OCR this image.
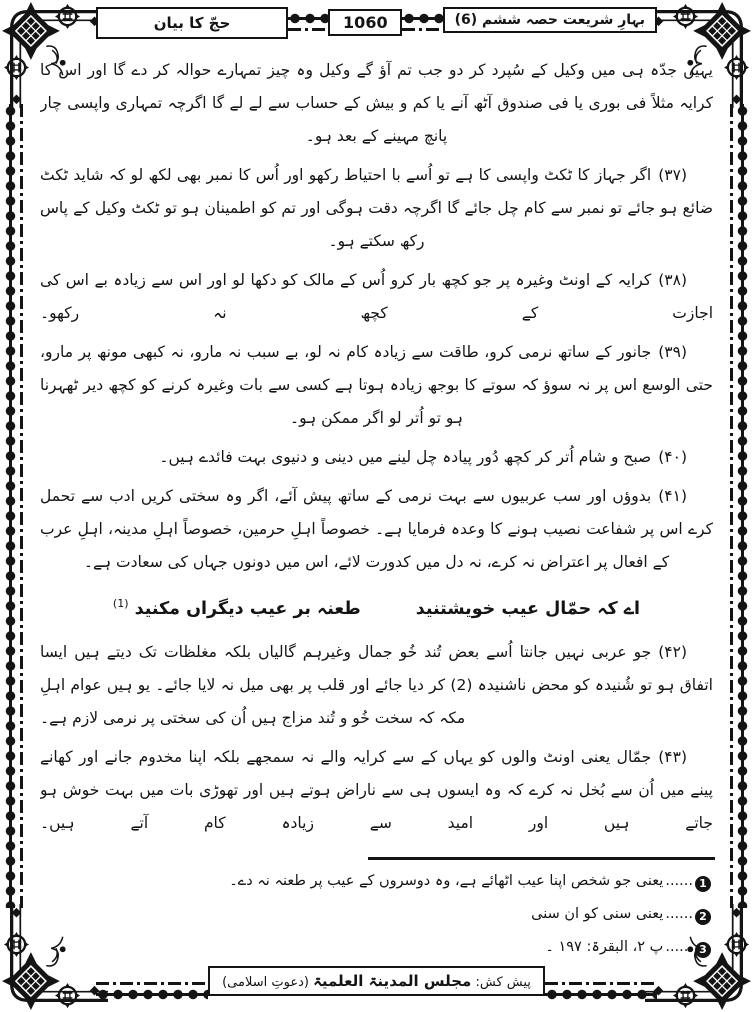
بہارِ شریعت حصہ ششم (6)
1060
حجّ کا بیان

یہیں جدّہ ہی میں وکیل کے سُپرد کر دو جب تم آؤ گے وکیل وہ چیز تمہارے حوالہ کر دے گا اور اس کا کرایہ مثلاً فی بوری یا فی صندوق آٹھ آنے یا کم و بیش کے حساب سے لے لے گا اگرچہ تمہاری واپسی چار پانچ مہینے کے بعد ہو۔

(۳۷)اگر جہاز کا ٹکٹ واپسی کا ہے تو اُسے با احتیاط رکھو اور اُس کا نمبر بھی لکھ لو کہ شاید ٹکٹ ضائع ہو جائے تو نمبر سے کام چل جائے گا اگرچہ دقت ہوگی اور تم کو اطمینان ہو تو ٹکٹ وکیل کے پاس رکھ سکتے ہو۔

(۳۸)کرایہ کے اونٹ وغیرہ پر جو کچھ بار کرو اُس کے مالک کو دکھا لو اور اس سے زیادہ بے اس کی اجازت کے کچھ نہ رکھو۔

(۳۹)جانور کے ساتھ نرمی کرو، طاقت سے زیادہ کام نہ لو، بے سبب نہ مارو، نہ کبھی مونھ پر مارو، حتی الوسع اس پر نہ سوؤ کہ سوتے کا بوجھ زیادہ ہوتا ہے کسی سے بات وغیرہ کرنے کو کچھ دیر ٹھہرنا ہو تو اُتر لو اگر ممکن ہو۔

(۴۰)صبح و شام اُتر کر کچھ دُور پیادہ چل لینے میں دینی و دنیوی بہت فائدے ہیں۔

(۴۱)بدوؤں اور سب عربیوں سے بہت نرمی کے ساتھ پیش آئے، اگر وہ سختی کریں ادب سے تحمل کرے اس پر شفاعت نصیب ہونے کا وعدہ فرمایا ہے۔ خصوصاً اہلِ حرمین، خصوصاً اہلِ مدینہ، اہلِ عرب کے افعال پر اعتراض نہ کرے، نہ دل میں کدورت لائے، اس میں دونوں جہاں کی سعادت ہے۔

اے کہ حمّال عیب خویشتنیدطعنہ بر عیب دیگراں مکنید $^{(1)}$

(۴۲)جو عربی نہیں جانتا اُسے بعض تُند خُو جمال وغیرہم گالیاں بلکہ مغلظات تک دیتے ہیں ایسا اتفاق ہو تو شُنیدہ کو محض ناشنیدہ (2) کر دیا جائے اور قلب پر بھی میل نہ لایا جائے۔ یو ہیں عوام اہلِ مکہ کہ سخت خُو و تُند مزاج ہیں اُن کی سختی پر نرمی لازم ہے۔

(۴۳)جمّال یعنی اونٹ والوں کو یہاں کے سے کرایہ والے نہ سمجھے بلکہ اپنا مخدوم جانے اور کھانے پینے میں اُن سے بُخل نہ کرے کہ وہ ایسوں ہی سے ناراض ہوتے ہیں اور تھوڑی بات میں بہت خوش ہو جاتے ہیں اور امید سے زیادہ کام آتے ہیں۔

1......یعنی جو شخص اپنا عیب اٹھائے ہے، وہ دوسروں کے عیب پر طعنہ نہ دے۔
2......یعنی سنی کو ان سنی
3......پ ۲، البقرۃ: ۱۹۷ ۔
پیش کش: مجلس المدینۃ العلمیۃ (دعوتِ اسلامی)
